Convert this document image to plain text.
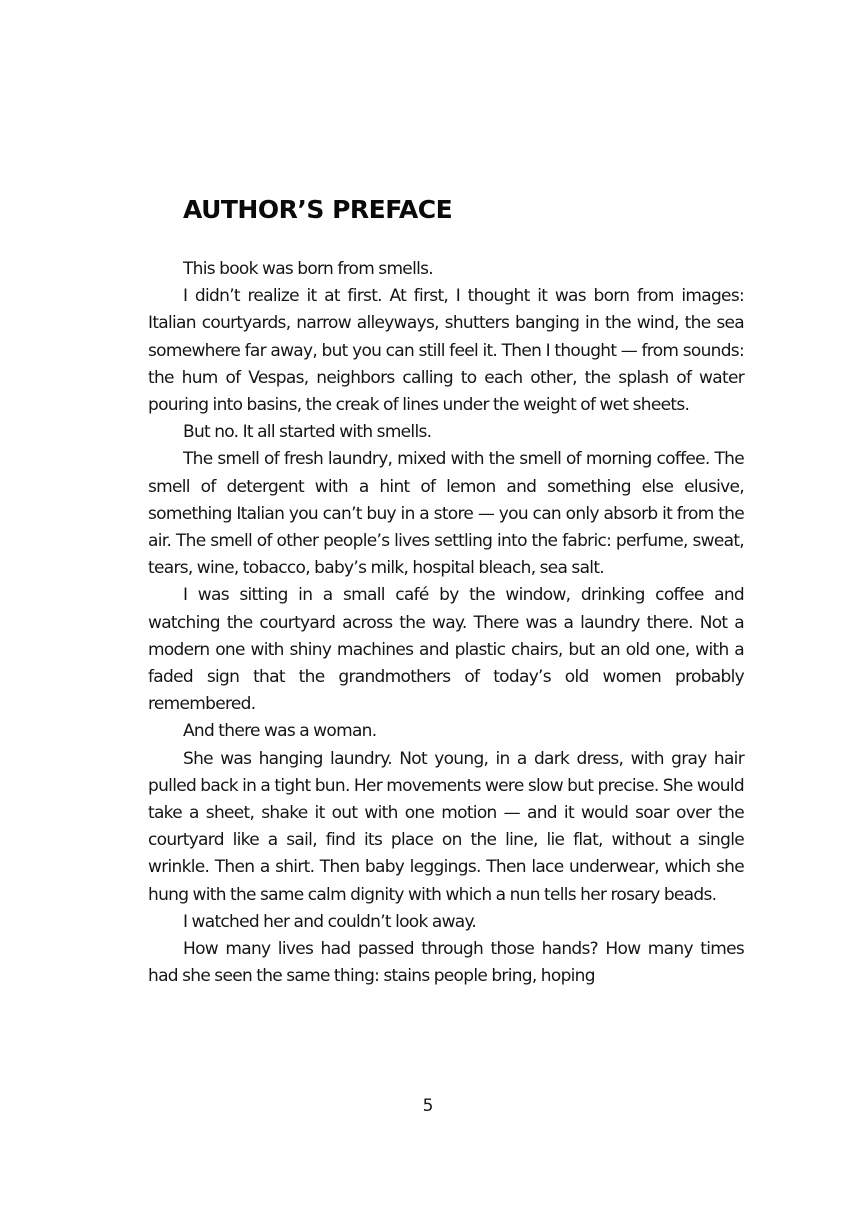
AUTHOR’S PREFACE

This book was born from smells.

I didn’t realize it at first. At first, I thought it was born from images: Italian courtyards, narrow alleyways, shutters banging in the wind, the sea somewhere far away, but you can still feel it. Then I thought — from sounds: the hum of Vespas, neighbors calling to each other, the splash of water pouring into basins, the creak of lines under the weight of wet sheets.

But no. It all started with smells.

The smell of fresh laundry, mixed with the smell of morning coffee. The smell of detergent with a hint of lemon and something else elusive, something Italian you can’t buy in a store — you can only absorb it from the air. The smell of other people’s lives settling into the fabric: perfume, sweat, tears, wine, tobacco, baby’s milk, hospital bleach, sea salt.

I was sitting in a small café by the window, drinking coffee and watching the courtyard across the way. There was a laundry there. Not a modern one with shiny machines and plastic chairs, but an old one, with a faded sign that the grandmothers of today’s old women probably remembered.

And there was a woman.

She was hanging laundry. Not young, in a dark dress, with gray hair pulled back in a tight bun. Her movements were slow but precise. She would take a sheet, shake it out with one motion — and it would soar over the courtyard like a sail, find its place on the line, lie flat, without a single wrinkle. Then a shirt. Then baby leggings. Then lace underwear, which she hung with the same calm dignity with which a nun tells her rosary beads.

I watched her and couldn’t look away.

How many lives had passed through those hands? How many times had she seen the same thing: stains people bring, hoping

5
